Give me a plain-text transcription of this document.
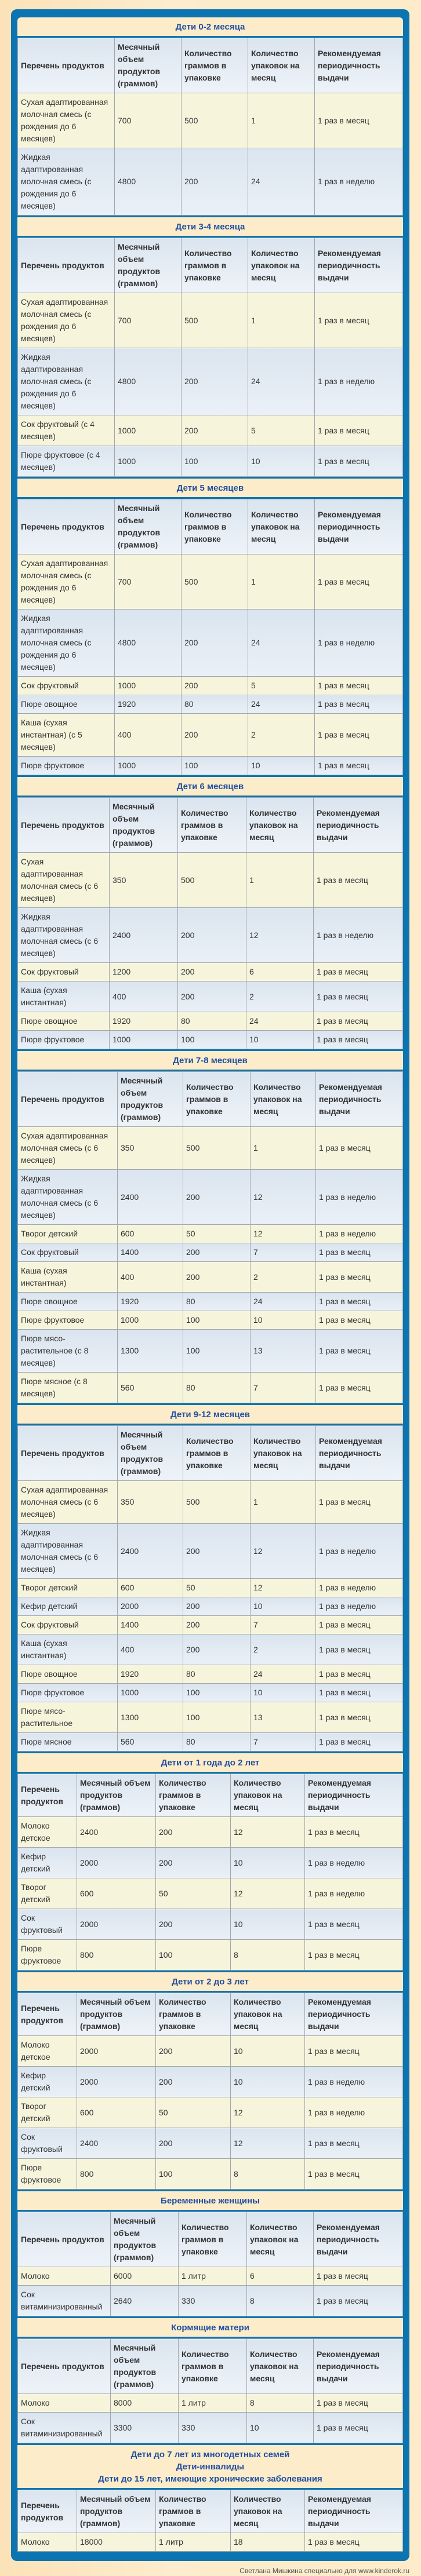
Дети 0-2 месяца
Перечень продуктов	Месячный объем продуктов (граммов)	Количество граммов в упаковке	Количество упаковок на месяц	Рекомендуемая периодичность выдачи
Сухая адаптированная молочная смесь (с рождения до 6 месяцев)	700	500	1	1 раз в месяц
Жидкая адаптированная молочная смесь (с рождения до 6 месяцев)	4800	200	24	1 раз в неделю
Дети 3-4 месяца
Перечень продуктов	Месячный объем продуктов (граммов)	Количество граммов в упаковке	Количество упаковок на месяц	Рекомендуемая периодичность выдачи
Сухая адаптированная молочная смесь (с рождения до 6 месяцев)	700	500	1	1 раз в месяц
Жидкая адаптированная молочная смесь (с рождения до 6 месяцев)	4800	200	24	1 раз в неделю
Сок фруктовый (с 4 месяцев)	1000	200	5	1 раз в месяц
Пюре фруктовое (с 4 месяцев)	1000	100	10	1 раз в месяц
Дети 5 месяцев
Перечень продуктов	Месячный объем продуктов (граммов)	Количество граммов в упаковке	Количество упаковок на месяц	Рекомендуемая периодичность выдачи
Сухая адаптированная молочная смесь (с рождения до 6 месяцев)	700	500	1	1 раз в месяц
Жидкая адаптированная молочная смесь (с рождения до 6 месяцев)	4800	200	24	1 раз в неделю
Сок фруктовый	1000	200	5	1 раз в месяц
Пюре овощное	1920	80	24	1 раз в месяц
Каша (сухая инстантная) (с 5 месяцев)	400	200	2	1 раз в месяц
Пюре фруктовое	1000	100	10	1 раз в месяц
Дети 6 месяцев
Перечень продуктов	Месячный объем продуктов (граммов)	Количество граммов в упаковке	Количество упаковок на месяц	Рекомендуемая периодичность выдачи
Сухая адаптированная молочная смесь (с 6 месяцев)	350	500	1	1 раз в месяц
Жидкая адаптированная молочная смесь (с 6 месяцев)	2400	200	12	1 раз в неделю
Сок фруктовый	1200	200	6	1 раз в месяц
Каша (сухая инстантная)	400	200	2	1 раз в месяц
Пюре овощное	1920	80	24	1 раз в месяц
Пюре фруктовое	1000	100	10	1 раз в месяц
Дети 7-8 месяцев
Перечень продуктов	Месячный объем продуктов (граммов)	Количество граммов в упаковке	Количество упаковок на месяц	Рекомендуемая периодичность выдачи
Сухая адаптированная молочная смесь (с 6 месяцев)	350	500	1	1 раз в месяц
Жидкая адаптированная молочная смесь (с 6 месяцев)	2400	200	12	1 раз в неделю
Творог детский	600	50	12	1 раз в неделю
Сок фруктовый	1400	200	7	1 раз в месяц
Каша (сухая инстантная)	400	200	2	1 раз в месяц
Пюре овощное	1920	80	24	1 раз в месяц
Пюре фруктовое	1000	100	10	1 раз в месяц
Пюре мясо-растительное (с 8 месяцев)	1300	100	13	1 раз в месяц
Пюре мясное (с 8 месяцев)	560	80	7	1 раз в месяц
Дети 9-12 месяцев
Перечень продуктов	Месячный объем продуктов (граммов)	Количество граммов в упаковке	Количество упаковок на месяц	Рекомендуемая периодичность выдачи
Сухая адаптированная молочная смесь (с 6 месяцев)	350	500	1	1 раз в месяц
Жидкая адаптированная молочная смесь (с 6 месяцев)	2400	200	12	1 раз в неделю
Творог детский	600	50	12	1 раз в неделю
Кефир детский	2000	200	10	1 раз в неделю
Сок фруктовый	1400	200	7	1 раз в месяц
Каша (сухая инстантная)	400	200	2	1 раз в месяц
Пюре овощное	1920	80	24	1 раз в месяц
Пюре фруктовое	1000	100	10	1 раз в месяц
Пюре мясо-растительное	1300	100	13	1 раз в месяц
Пюре мясное	560	80	7	1 раз в месяц
Дети от 1 года до 2 лет
Перечень продуктов	Месячный объем продуктов (граммов)	Количество граммов в упаковке	Количество упаковок на месяц	Рекомендуемая периодичность выдачи
Молоко детское	2400	200	12	1 раз в месяц
Кефир детский	2000	200	10	1 раз в неделю
Творог детский	600	50	12	1 раз в неделю
Сок фруктовый	2000	200	10	1 раз в месяц
Пюре фруктовое	800	100	8	1 раз в месяц
Дети от 2 до 3 лет
Перечень продуктов	Месячный объем продуктов (граммов)	Количество граммов в упаковке	Количество упаковок на месяц	Рекомендуемая периодичность выдачи
Молоко детское	2000	200	10	1 раз в месяц
Кефир детский	2000	200	10	1 раз в неделю
Творог детский	600	50	12	1 раз в неделю
Сок фруктовый	2400	200	12	1 раз в месяц
Пюре фруктовое	800	100	8	1 раз в месяц
Беременные женщины
Перечень продуктов	Месячный объем продуктов (граммов)	Количество граммов в упаковке	Количество упаковок на месяц	Рекомендуемая периодичность выдачи
Молоко	6000	1 литр	6	1 раз в месяц
Сок витаминизированный	2640	330	8	1 раз в месяц
Кормящие матери
Перечень продуктов	Месячный объем продуктов (граммов)	Количество граммов в упаковке	Количество упаковок на месяц	Рекомендуемая периодичность выдачи
Молоко	8000	1 литр	8	1 раз в месяц
Сок витаминизированный	3300	330	10	1 раз в месяц
Дети до 7 лет из многодетных семей
Дети-инвалиды
Дети до 15 лет, имеющие хронические заболевания
Перечень продуктов	Месячный объем продуктов (граммов)	Количество граммов в упаковке	Количество упаковок на месяц	Рекомендуемая периодичность выдачи
Молоко	18000	1 литр	18	1 раз в месяц
Светлана Мишкина специально для www.kinderok.ru
